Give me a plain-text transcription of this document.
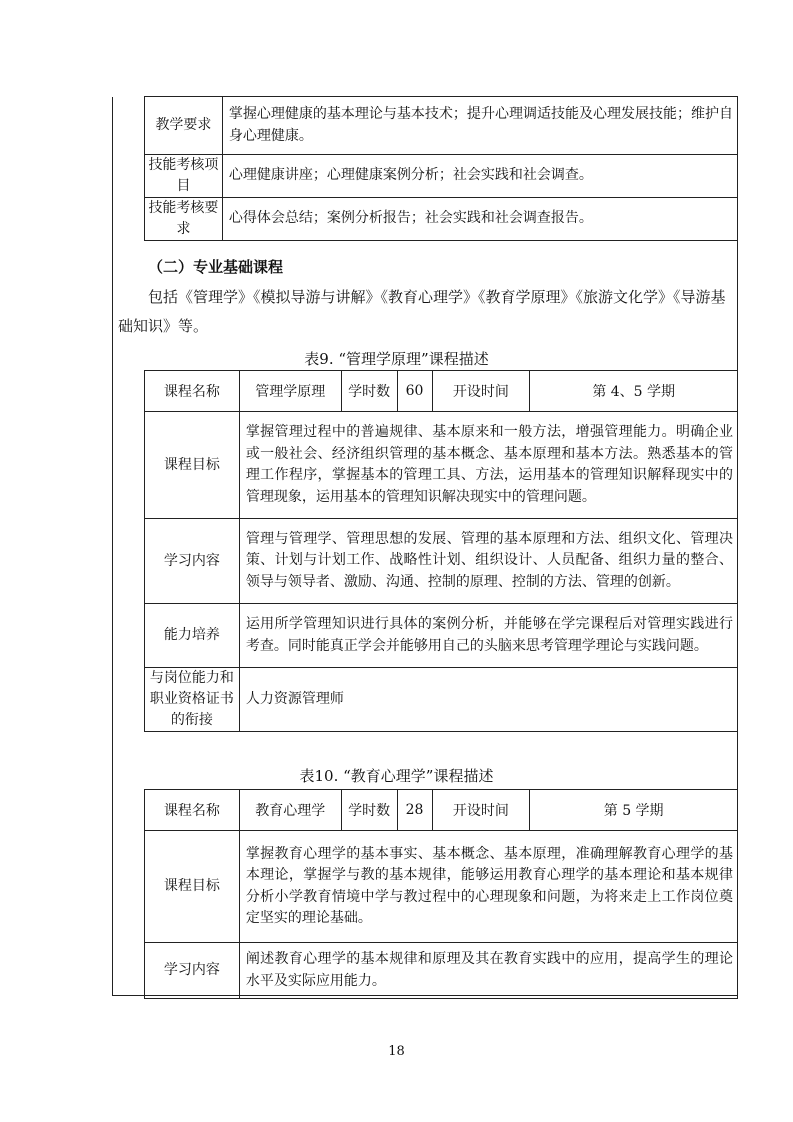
教学要求	掌握心理健康的基本理论与基本技术；提升心理调适技能及心理发展技能；维护自身心理健康。
技能考核项目	心理健康讲座；心理健康案例分析；社会实践和社会调查。
技能考核要求	心得体会总结；案例分析报告；社会实践和社会调查报告。
（二）专业基础课程
包括《管理学》《模拟导游与讲解》《教育心理学》《教育学原理》《旅游文化学》《导游基础知识》等。
表9. “管理学原理”课程描述
课程名称	管理学原理	学时数	60	开设时间	第 4、5 学期
课程目标	掌握管理过程中的普遍规律、基本原来和一般方法，增强管理能力。明确企业或一般社会、经济组织管理的基本概念、基本原理和基本方法。熟悉基本的管理工作程序，掌握基本的管理工具、方法，运用基本的管理知识解释现实中的管理现象，运用基本的管理知识解决现实中的管理问题。				
学习内容	管理与管理学、管理思想的发展、管理的基本原理和方法、组织文化、管理决策、计划与计划工作、战略性计划、组织设计、人员配备、组织力量的整合、领导与领导者、激励、沟通、控制的原理、控制的方法、管理的创新。				
能力培养	运用所学管理知识进行具体的案例分析，并能够在学完课程后对管理实践进行考查。同时能真正学会并能够用自己的头脑来思考管理学理论与实践问题。				
与岗位能力和职业资格证书的衔接	人力资源管理师				
表10. “教育心理学”课程描述
课程名称	教育心理学	学时数	28	开设时间	第 5 学期
课程目标	掌握教育心理学的基本事实、基本概念、基本原理，准确理解教育心理学的基本理论，掌握学与教的基本规律，能够运用教育心理学的基本理论和基本规律分析小学教育情境中学与教过程中的心理现象和问题，为将来走上工作岗位奠定坚实的理论基础。				
学习内容	阐述教育心理学的基本规律和原理及其在教育实践中的应用，提高学生的理论水平及实际应用能力。				
18
